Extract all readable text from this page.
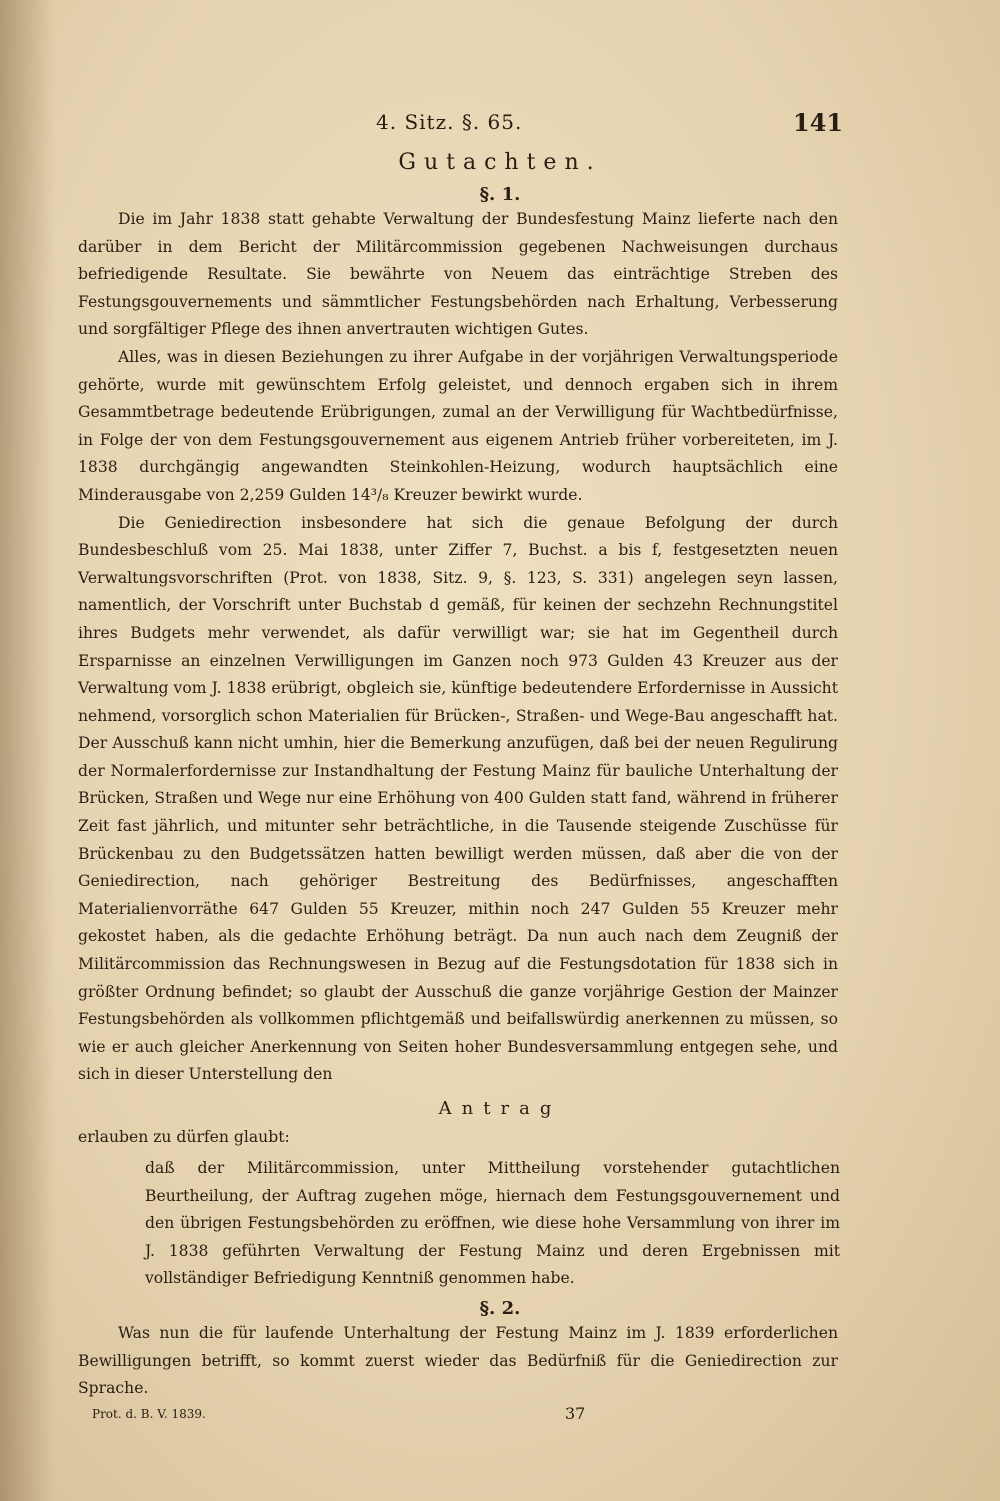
4. Sitz. §. 65.	141
Gutachten.
§. 1.

Die im Jahr 1838 statt gehabte Verwaltung der Bundesfestung Mainz lieferte nach den darüber in dem Bericht der Militärcommission gegebenen Nachweisungen durchaus befriedigende Resultate. Sie bewährte von Neuem das einträchtige Streben des Festungsgouvernements und sämmtlicher Festungsbehörden nach Erhaltung, Verbesserung und sorgfältiger Pflege des ihnen anvertrauten wichtigen Gutes.

Alles, was in diesen Beziehungen zu ihrer Aufgabe in der vorjährigen Verwaltungsperiode gehörte, wurde mit gewünschtem Erfolg geleistet, und dennoch ergaben sich in ihrem Gesammtbetrage bedeutende Erübrigungen, zumal an der Verwilligung für Wachtbedürfnisse, in Folge der von dem Festungsgouvernement aus eigenem Antrieb früher vorbereiteten, im J. 1838 durchgängig angewandten Steinkohlen-Heizung, wodurch hauptsächlich eine Minderausgabe von 2,259 Gulden 14³/₈ Kreuzer bewirkt wurde.

Die Geniedirection insbesondere hat sich die genaue Befolgung der durch Bundesbeschluß vom 25. Mai 1838, unter Ziffer 7, Buchst. a bis f, festgesetzten neuen Verwaltungsvorschriften (Prot. von 1838, Sitz. 9, §. 123, S. 331) angelegen seyn lassen, namentlich, der Vorschrift unter Buchstab d gemäß, für keinen der sechzehn Rechnungstitel ihres Budgets mehr verwendet, als dafür verwilligt war; sie hat im Gegentheil durch Ersparnisse an einzelnen Verwilligungen im Ganzen noch 973 Gulden 43 Kreuzer aus der Verwaltung vom J. 1838 erübrigt, obgleich sie, künftige bedeutendere Erfordernisse in Aussicht nehmend, vorsorglich schon Materialien für Brücken-, Straßen- und Wege-Bau angeschafft hat. Der Ausschuß kann nicht umhin, hier die Bemerkung anzufügen, daß bei der neuen Regulirung der Normalerfordernisse zur Instandhaltung der Festung Mainz für bauliche Unterhaltung der Brücken, Straßen und Wege nur eine Erhöhung von 400 Gulden statt fand, während in früherer Zeit fast jährlich, und mitunter sehr beträchtliche, in die Tausende steigende Zuschüsse für Brückenbau zu den Budgetssätzen hatten bewilligt werden müssen, daß aber die von der Geniedirection, nach gehöriger Bestreitung des Bedürfnisses, angeschafften Materialienvorräthe 647 Gulden 55 Kreuzer, mithin noch 247 Gulden 55 Kreuzer mehr gekostet haben, als die gedachte Erhöhung beträgt. Da nun auch nach dem Zeugniß der Militärcommission das Rechnungswesen in Bezug auf die Festungsdotation für 1838 sich in größter Ordnung befindet; so glaubt der Ausschuß die ganze vorjährige Gestion der Mainzer Festungsbehörden als vollkommen pflichtgemäß und beifallswürdig anerkennen zu müssen, so wie er auch gleicher Anerkennung von Seiten hoher Bundesversammlung entgegen sehe, und sich in dieser Unterstellung den

Antrag
erlauben zu dürfen glaubt:
daß der Militärcommission, unter Mittheilung vorstehender gutachtlichen Beurtheilung, der Auftrag zugehen möge, hiernach dem Festungsgouvernement und den übrigen Festungsbehörden zu eröffnen, wie diese hohe Versammlung von ihrer im J. 1838 geführten Verwaltung der Festung Mainz und deren Ergebnissen mit vollständiger Befriedigung Kenntniß genommen habe.
§. 2.

Was nun die für laufende Unterhaltung der Festung Mainz im J. 1839 erforderlichen Bewilligungen betrifft, so kommt zuerst wieder das Bedürfniß für die Geniedirection zur Sprache.

Prot. d. B. V. 1839.	37
